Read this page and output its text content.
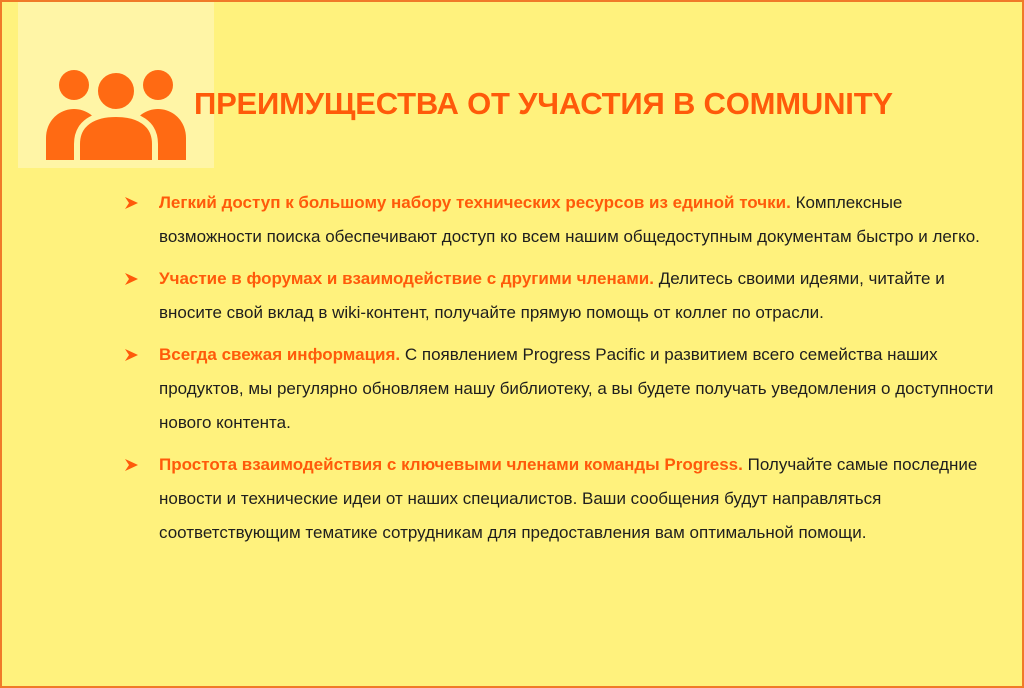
ПРЕИМУЩЕСТВА ОТ УЧАСТИЯ В COMMUNITY
Легкий доступ к большому набору технических ресурсов из единой точки. Комплексные возможности поиска обеспечивают доступ ко всем нашим общедоступным документам быстро и легко.
Участие в форумах и взаимодействие с другими членами. Делитесь своими идеями, читайте и вносите свой вклад в wiki-контент, получайте прямую помощь от коллег по отрасли.
Всегда свежая информация. С появлением Progress Pacific и развитием всего семейства наших продуктов, мы регулярно обновляем нашу библиотеку, а вы будете получать уведомления о доступности нового контента.
Простота взаимодействия с ключевыми членами команды Progress. Получайте самые последние новости и технические идеи от наших специалистов. Ваши сообщения будут направляться соответствующим тематике сотрудникам для предоставления вам оптимальной помощи.
